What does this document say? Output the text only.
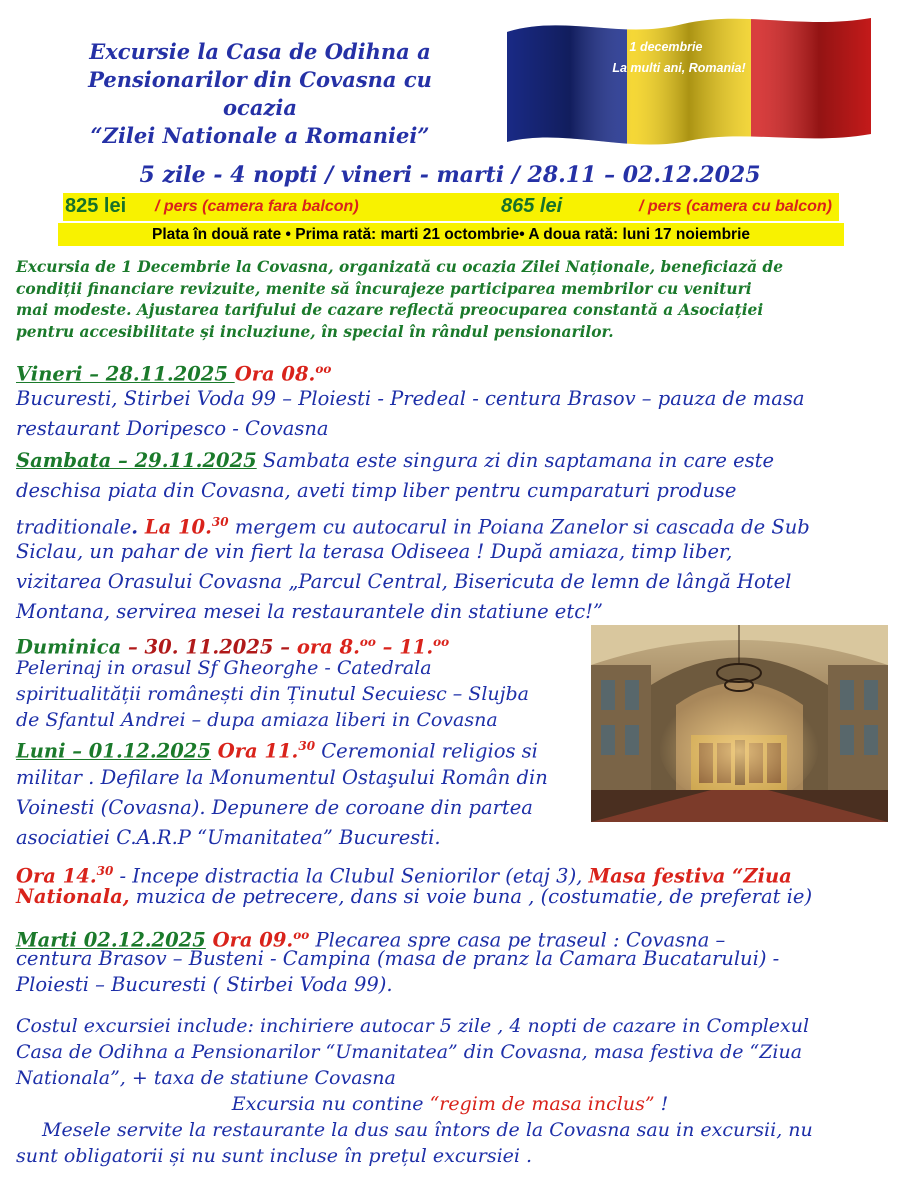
Excursie la Casa de Odihna a
Pensionarilor din Covasna cu
ocazia
“Zilei Nationale a Romaniei”
1 decembrie
La multi ani, Romania!
5 zile - 4 nopti / vineri - marti / 28.11 – 02.12.2025
825 lei / pers (camera fara balcon)	865 lei	/ pers (camera cu balcon)
Plata în două rate • Prima rată: marti 21 octombrie• A doua rată: luni 17 noiembrie
Excursia de 1 Decembrie la Covasna, organizată cu ocazia Zilei Naționale, beneficiază de
condiții financiare revizuite, menite să încurajeze participarea membrilor cu venituri
mai modeste. Ajustarea tarifului de cazare reflectă preocuparea constantă a Asociației
pentru accesibilitate și incluziune, în special în rândul pensionarilor.
Vineri – 28.11.2025 Ora 08.$^{oo}$
Bucuresti, Stirbei Voda 99 – Ploiesti - Predeal - centura Brasov – pauza de masa
restaurant Doripesco - Covasna
Sambata – 29.11.2025 Sambata este singura zi din saptamana in care este
deschisa piata din Covasna, aveti timp liber pentru cumparaturi produse
traditionale. La 10.30 mergem cu autocarul in Poiana Zanelor si cascada de Sub
Siclau, un pahar de vin fiert la terasa Odiseea ! După amiaza, timp liber,
vizitarea Orasului Covasna „Parcul Central, Bisericuta de lemn de lângă Hotel
Montana, servirea mesei la restaurantele din statiune etc!”
Duminica – 30. 11.2025 – ora 8.$^{oo}$ – 11.$^{oo}$
Pelerinaj in orasul Sf Gheorghe - Catedrala
spiritualității românești din Ținutul Secuiesc – Slujba
de Sfantul Andrei – dupa amiaza liberi in Covasna
Luni – 01.12.2025 Ora 11.30 Ceremonial religios si
militar . Defilare la Monumentul Ostaşului Român din
Voinesti (Covasna). Depunere de coroane din partea
asociatiei C.A.R.P “Umanitatea” Bucuresti.
Ora 14.30 - Incepe distractia la Clubul Seniorilor (etaj 3), Masa festiva “Ziua
Nationala, muzica de petrecere, dans si voie buna , (costumatie, de preferat ie)
Marti 02.12.2025 Ora 09.$^{oo}$ Plecarea spre casa pe traseul : Covasna –
centura Brasov – Busteni - Campina (masa de pranz la Camara Bucatarului) -
Ploiesti – Bucuresti ( Stirbei Voda 99).
Costul excursiei include: inchiriere autocar 5 zile , 4 nopti de cazare in Complexul
Casa de Odihna a Pensionarilor “Umanitatea” din Covasna, masa festiva de “Ziua
Nationala”, + taxa de statiune Covasna
Excursia nu contine “regim de masa inclus” !
Mesele servite la restaurante la dus sau întors de la Covasna sau in excursii, nu
sunt obligatorii și nu sunt incluse în prețul excursiei .
